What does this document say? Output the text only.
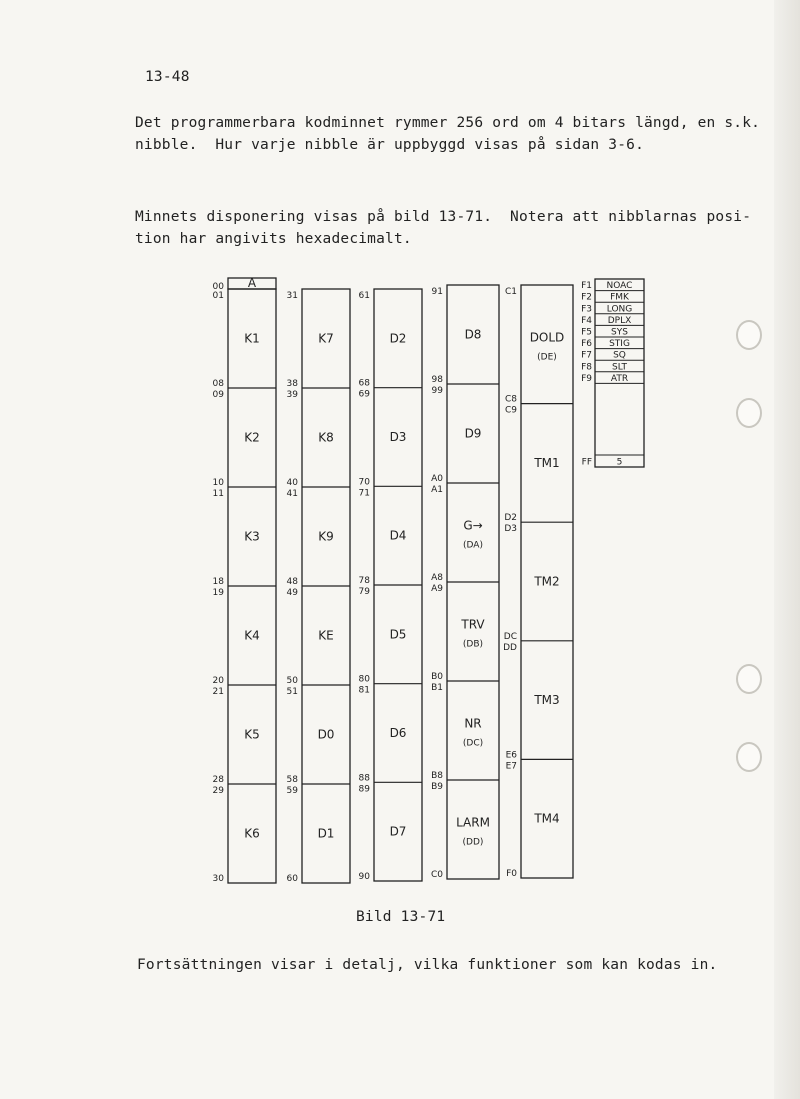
13-48
Det programmerbara kodminnet rymmer 256 ord om 4 bitars längd, en s.k.
nibble.  Hur varje nibble är uppbyggd visas på sidan 3-6.
Minnets disponering visas på bild 13-71.  Notera att nibblarnas posi-
tion har angivits hexadecimalt.
A
00
01
08
K1
09
10
K2
11
18
K3
19
20
K4
21
28
K5
29
30
K6
31
38
K7
39
40
K8
41
48
K9
49
50
KE
51
58
D0
59
60
D1
61
68
D2
69
70
D3
71
78
D4
79
80
D5
81
88
D6
89
90
D7
91
98
D8
99
A0
D9
A1
A8
G→
(DA)
A9
B0
TRV
(DB)
B1
B8
NR
(DC)
B9
C0
LARM
(DD)
C1
C8
DOLD
(DE)
C9
D2
TM1
D3
DC
TM2
DD
E6
TM3
E7
F0
TM4
NOAC
F1
FMK
F2
LONG
F3
DPLX
F4
SYS
F5
STIG
F6
SQ
F7
SLT
F8
ATR
F9
5
FF
Bild 13-71
Fortsättningen visar i detalj, vilka funktioner som kan kodas in.
